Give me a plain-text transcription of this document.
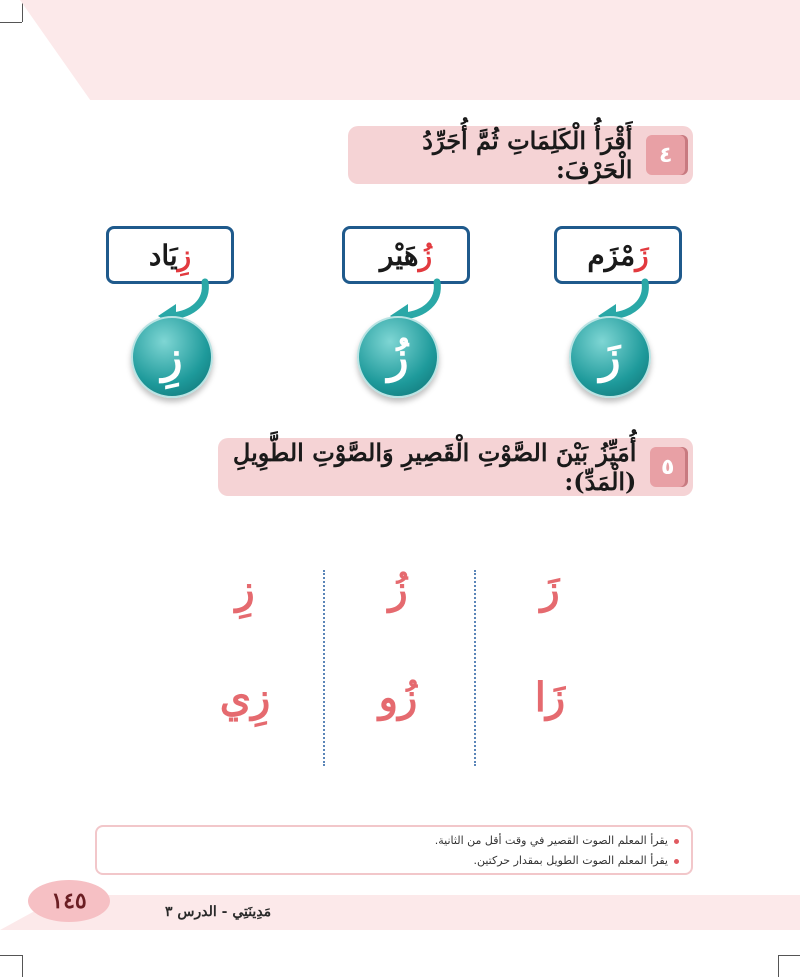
٤
أَقْرَأُ الْكَلِمَاتِ ثُمَّ أُجَرِّدُ الْحَرْفَ:
زَ
مْزَم
زُ
هَيْر
زِ
يَاد
زَ
زُ
زِ
٥
أُمَيِّزُ بَيْنَ الصَّوْتِ الْقَصِيرِ وَالصَّوْتِ الطَّوِيلِ (الْمَدِّ):
زَ
زَا
زُ
زُو
زِ
زِي
يقرأ المعلم الصوت القصير في وقت أقل من الثانية.
يقرأ المعلم الصوت الطويل بمقدار حركتين.
١٤٥	مَدِينَتِي - الدرس ٣
